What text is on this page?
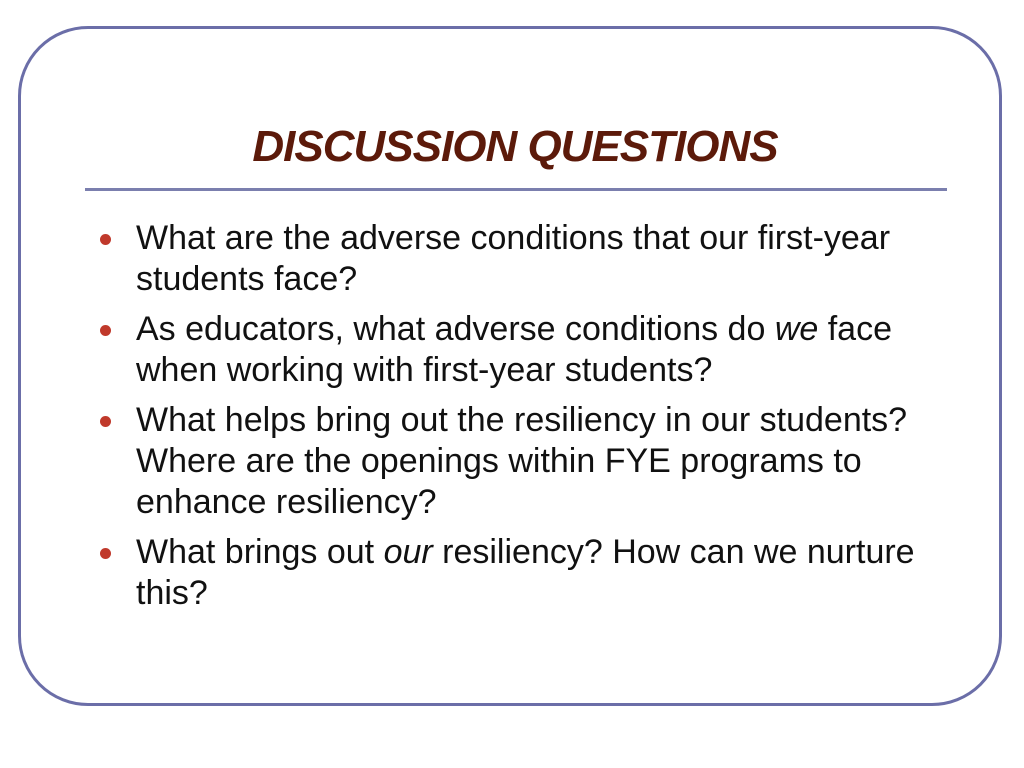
DISCUSSION QUESTIONS
What are the adverse conditions that our first-year students face?
As educators, what adverse conditions do we face when working with first-year students?
What helps bring out the resiliency in our students? Where are the openings within FYE programs to enhance resiliency?
What brings out our resiliency? How can we nurture this?
